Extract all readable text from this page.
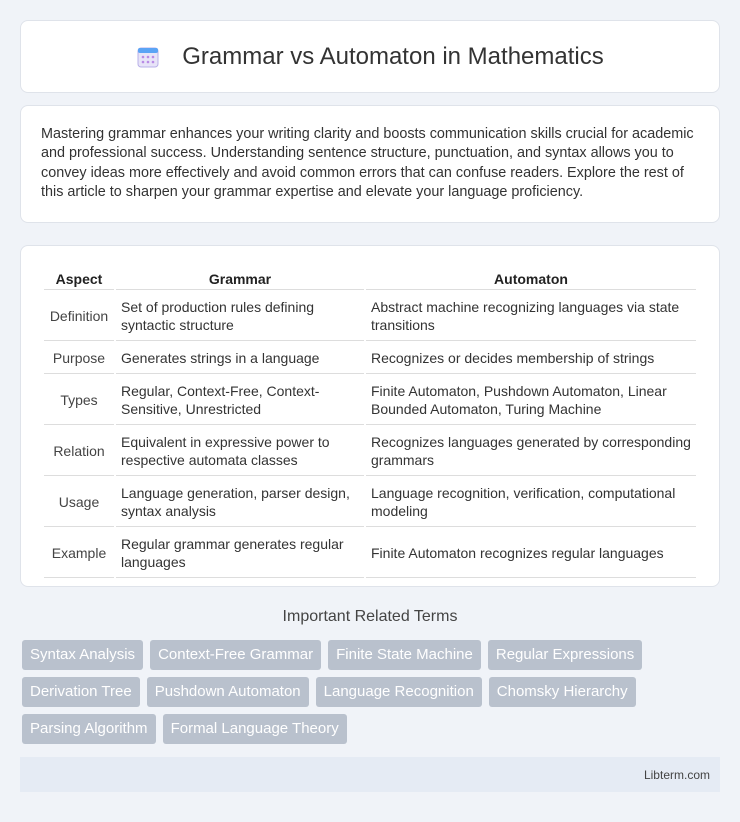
Grammar vs Automaton in Mathematics

Mastering grammar enhances your writing clarity and boosts communication skills crucial for academic and professional success. Understanding sentence structure, punctuation, and syntax allows you to convey ideas more effectively and avoid common errors that can confuse readers. Explore the rest of this article to sharpen your grammar expertise and elevate your language proficiency.

Aspect	Grammar	Automaton
Definition	Set of production rules defining syntactic structure	Abstract machine recognizing languages via state transitions
Purpose	Generates strings in a language	Recognizes or decides membership of strings
Types	Regular, Context-Free, Context-Sensitive, Unrestricted	Finite Automaton, Pushdown Automaton, Linear Bounded Automaton, Turing Machine
Relation	Equivalent in expressive power to respective automata classes	Recognizes languages generated by corresponding grammars
Usage	Language generation, parser design, syntax analysis	Language recognition, verification, computational modeling
Example	Regular grammar generates regular languages	Finite Automaton recognizes regular languages
Important Related Terms
Syntax Analysis	Context-Free Grammar	Finite State Machine	Regular Expressions
Derivation Tree	Pushdown Automaton	Language Recognition	Chomsky Hierarchy
Parsing Algorithm	Formal Language Theory
Libterm.com
